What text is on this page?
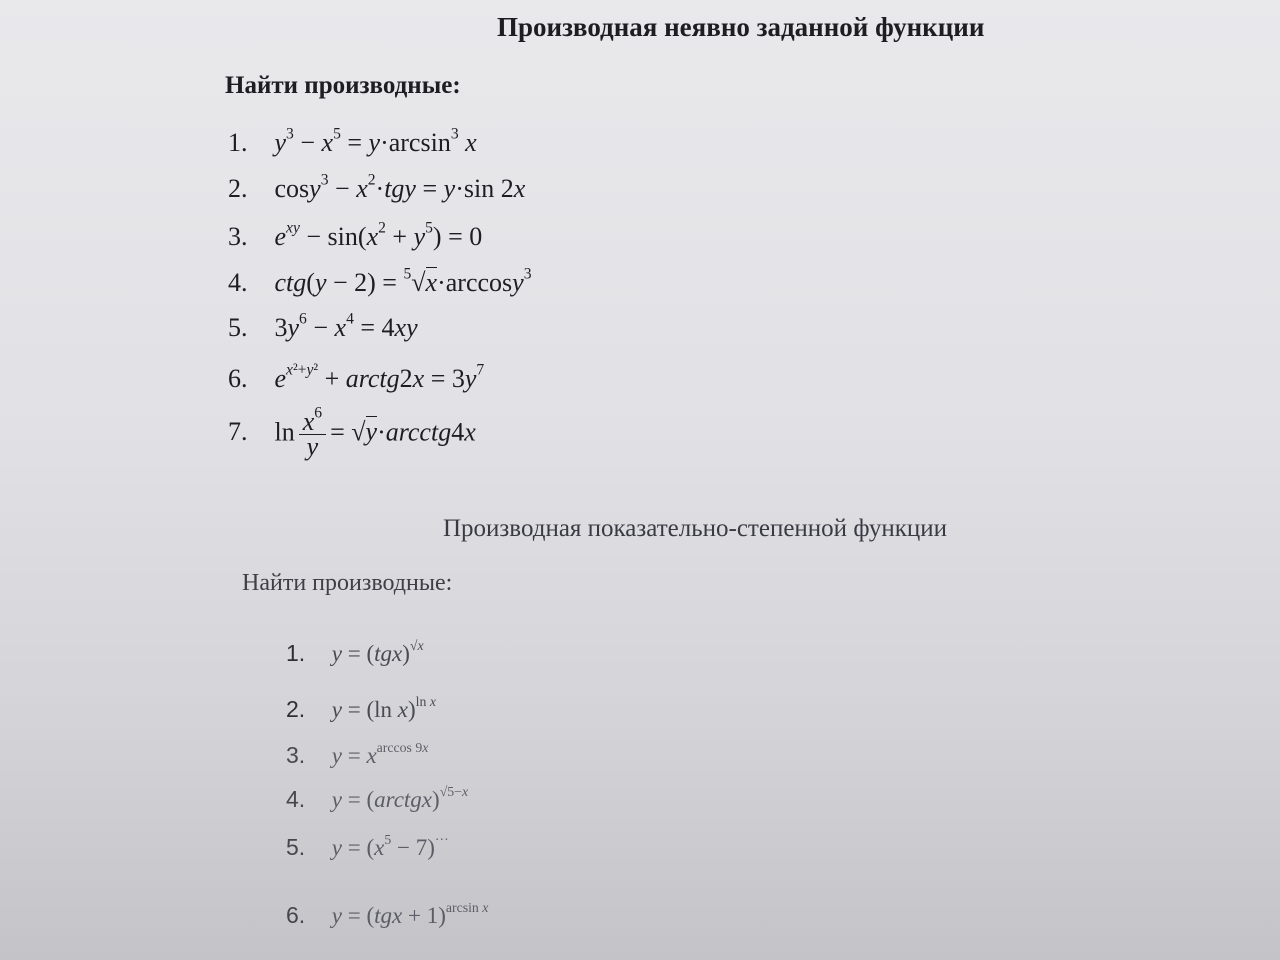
Производная неявно заданной функции
Найти производные:
1. $y^3 - x^5 = y\cdot\arcsin^3$ x
2. $\cos y^3 - x^2\cdot tgy = y\cdot\sin$ 2x
3. $e^{xy} - \sin(x^2 + y^5) = 0$
4. ctg(y − 2) = $^5$√x·arccosy$^3$
5. $3y^6 - x^4 = 4xy$
6. $e^{x^2+y^2}$ + arctg2x = $3y^7$
7. $\ln \frac{x^6}{y}$ = √y·arcctg4x
Производная показательно-степенной функции
Найти производные:
1. y = (tgx)$^{√x}$
2. y = (ln x)$^{ln x}$
3. $y = x^{arccos 9x}$
4. y = (arctgx)$^{√5-x}$
5. $y = (x^5 - 7)^{\cdot\cdot\cdot}$
6. y = (tgx + 1)$^{arcsin x}$
